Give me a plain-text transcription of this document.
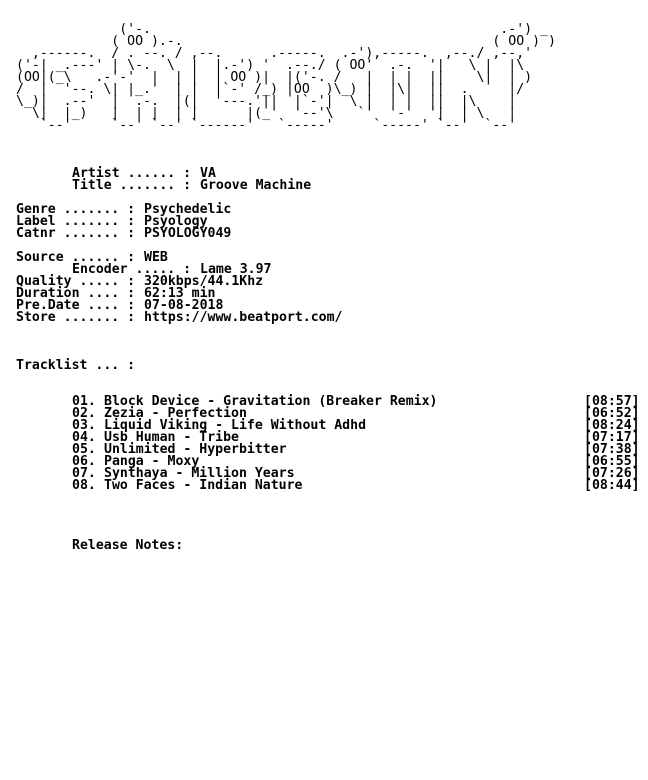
('-.                                            .-') _
( OO ).-.                                       ( OO ) )
,------.  / . --. / ,--.      .-----.  .-'),-----.  ,--./ ,--,'
('-| _.---' | \-.  \  |  |.-') '  .--./ ( OO'  .-.  '|   \ |  |\
(OO|(_\   .-'-'  |  | |  | OO )|  |('-. /   |  | |  ||    \|  | )
/  |  '--. \| |_.'  | |  |`-' /_) |OO  )\_) |  |\|  ||  .     |/
\_)|  .--'  |  .-.  |(|  '---.'||  |`-'|  \ |  | |  ||  |\    |
\|  |_)   |  | |  | |      |(_'  '--'\   `'  '-'  '|  | \   |
`--'     `--' `--' `------'   `-----'     `-----' `--'  `--'
Artist ...... : VA
Title ....... : Groove Machine
Genre ....... : Psychedelic
Label ....... : Psyology
Catnr ....... : PSYOLOGY049
Source ...... : WEB
Encoder ..... : Lame 3.97
Quality ..... : 320kbps/44.1Khz
Duration .... : 62:13 min
Pre.Date .... : 07-08-2018
Store ....... : https://www.beatport.com/
Tracklist ... :
01. Block Device - Gravitation (Breaker Remix)	[08:57]
02. Zezia - Perfection	[06:52]
03. Liquid Viking - Life Without Adhd	[08:24]
04. Usb Human - Tribe	[07:17]
05. Unlimited - Hyperbitter	[07:38]
06. Panga - Moxy	[06:55]
07. Synthaya - Million Years	[07:26]
08. Two Faces - Indian Nature	[08:44]
Release Notes:
